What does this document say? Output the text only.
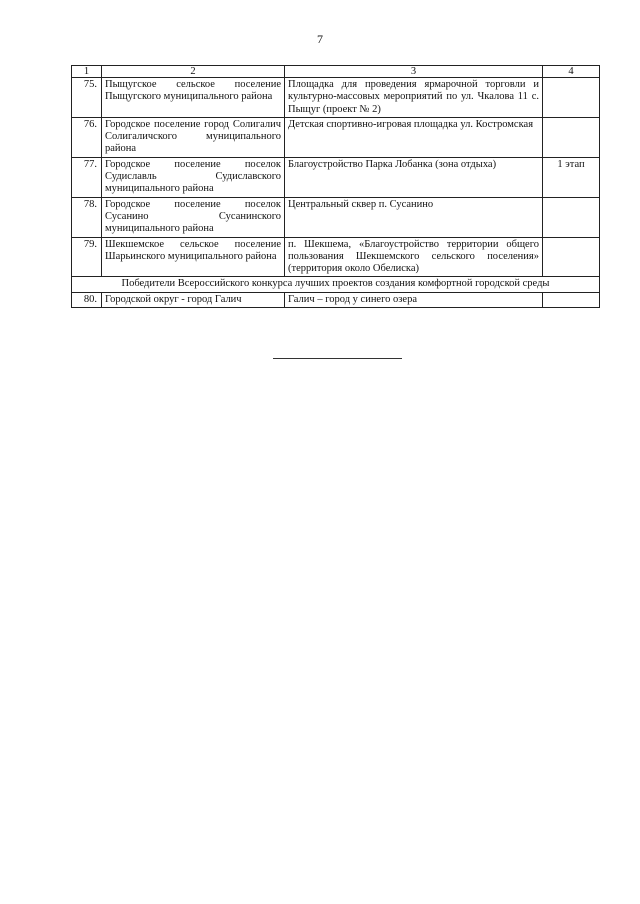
7
1	2	3	4
75.	Пыщугское сельское поселение Пыщугского муниципального района	Площадка для проведения ярмарочной торговли и культурно-массовых мероприятий по ул. Чкалова 11 с. Пыщуг (проект № 2)	
76.	Городское поселение город Солигалич Солигаличского муниципального района	Детская спортивно-игровая площадка ул. Костромская	
77.	Городское поселение поселок Судиславль Судиславского муниципального района	Благоустройство Парка Лобанка (зона отдыха)	1 этап
78.	Городское поселение поселок Сусанино Сусанинского муниципального района	Центральный сквер п. Сусанино	
79.	Шекшемское сельское поселение Шарьинского муниципального района	п. Шекшема, «Благоустройство территории общего пользования Шекшемского сельского поселения» (территория около Обелиска)	
Победители Всероссийского конкурса лучших проектов создания комфортной городской среды			
80.	Городской округ - город Галич	Галич – город у синего озера	
